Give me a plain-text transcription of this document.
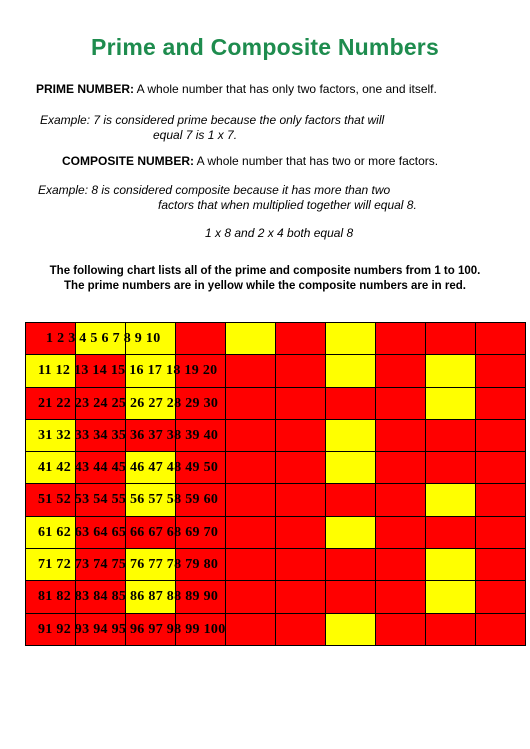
Prime and Composite Numbers
PRIME NUMBER: A whole number that has only two factors, one and itself.
Example: 7 is considered prime because the only factors that will
equal 7 is 1 x 7.
COMPOSITE NUMBER: A whole number that has two or more factors.
Example: 8 is considered composite because it has more than two
factors that when multiplied together will equal 8.
1 x 8 and 2 x 4 both equal 8
The following chart lists all of the prime and composite numbers from 1 to 100.
The prime numbers are in yellow while the composite numbers are in red.
1 2 3 4 5 6 7 8 9 10									

11 12 13 14 15 16 17 18 19 20									

21 22 23 24 25 26 27 28 29 30									

31 32 33 34 35 36 37 38 39 40									

41 42 43 44 45 46 47 48 49 50									

51 52 53 54 55 56 57 58 59 60									

61 62 63 64 65 66 67 68 69 70									

71 72 73 74 75 76 77 78 79 80									

81 82 83 84 85 86 87 88 89 90									

91 92 93 94 95 96 97 98 99 100									
